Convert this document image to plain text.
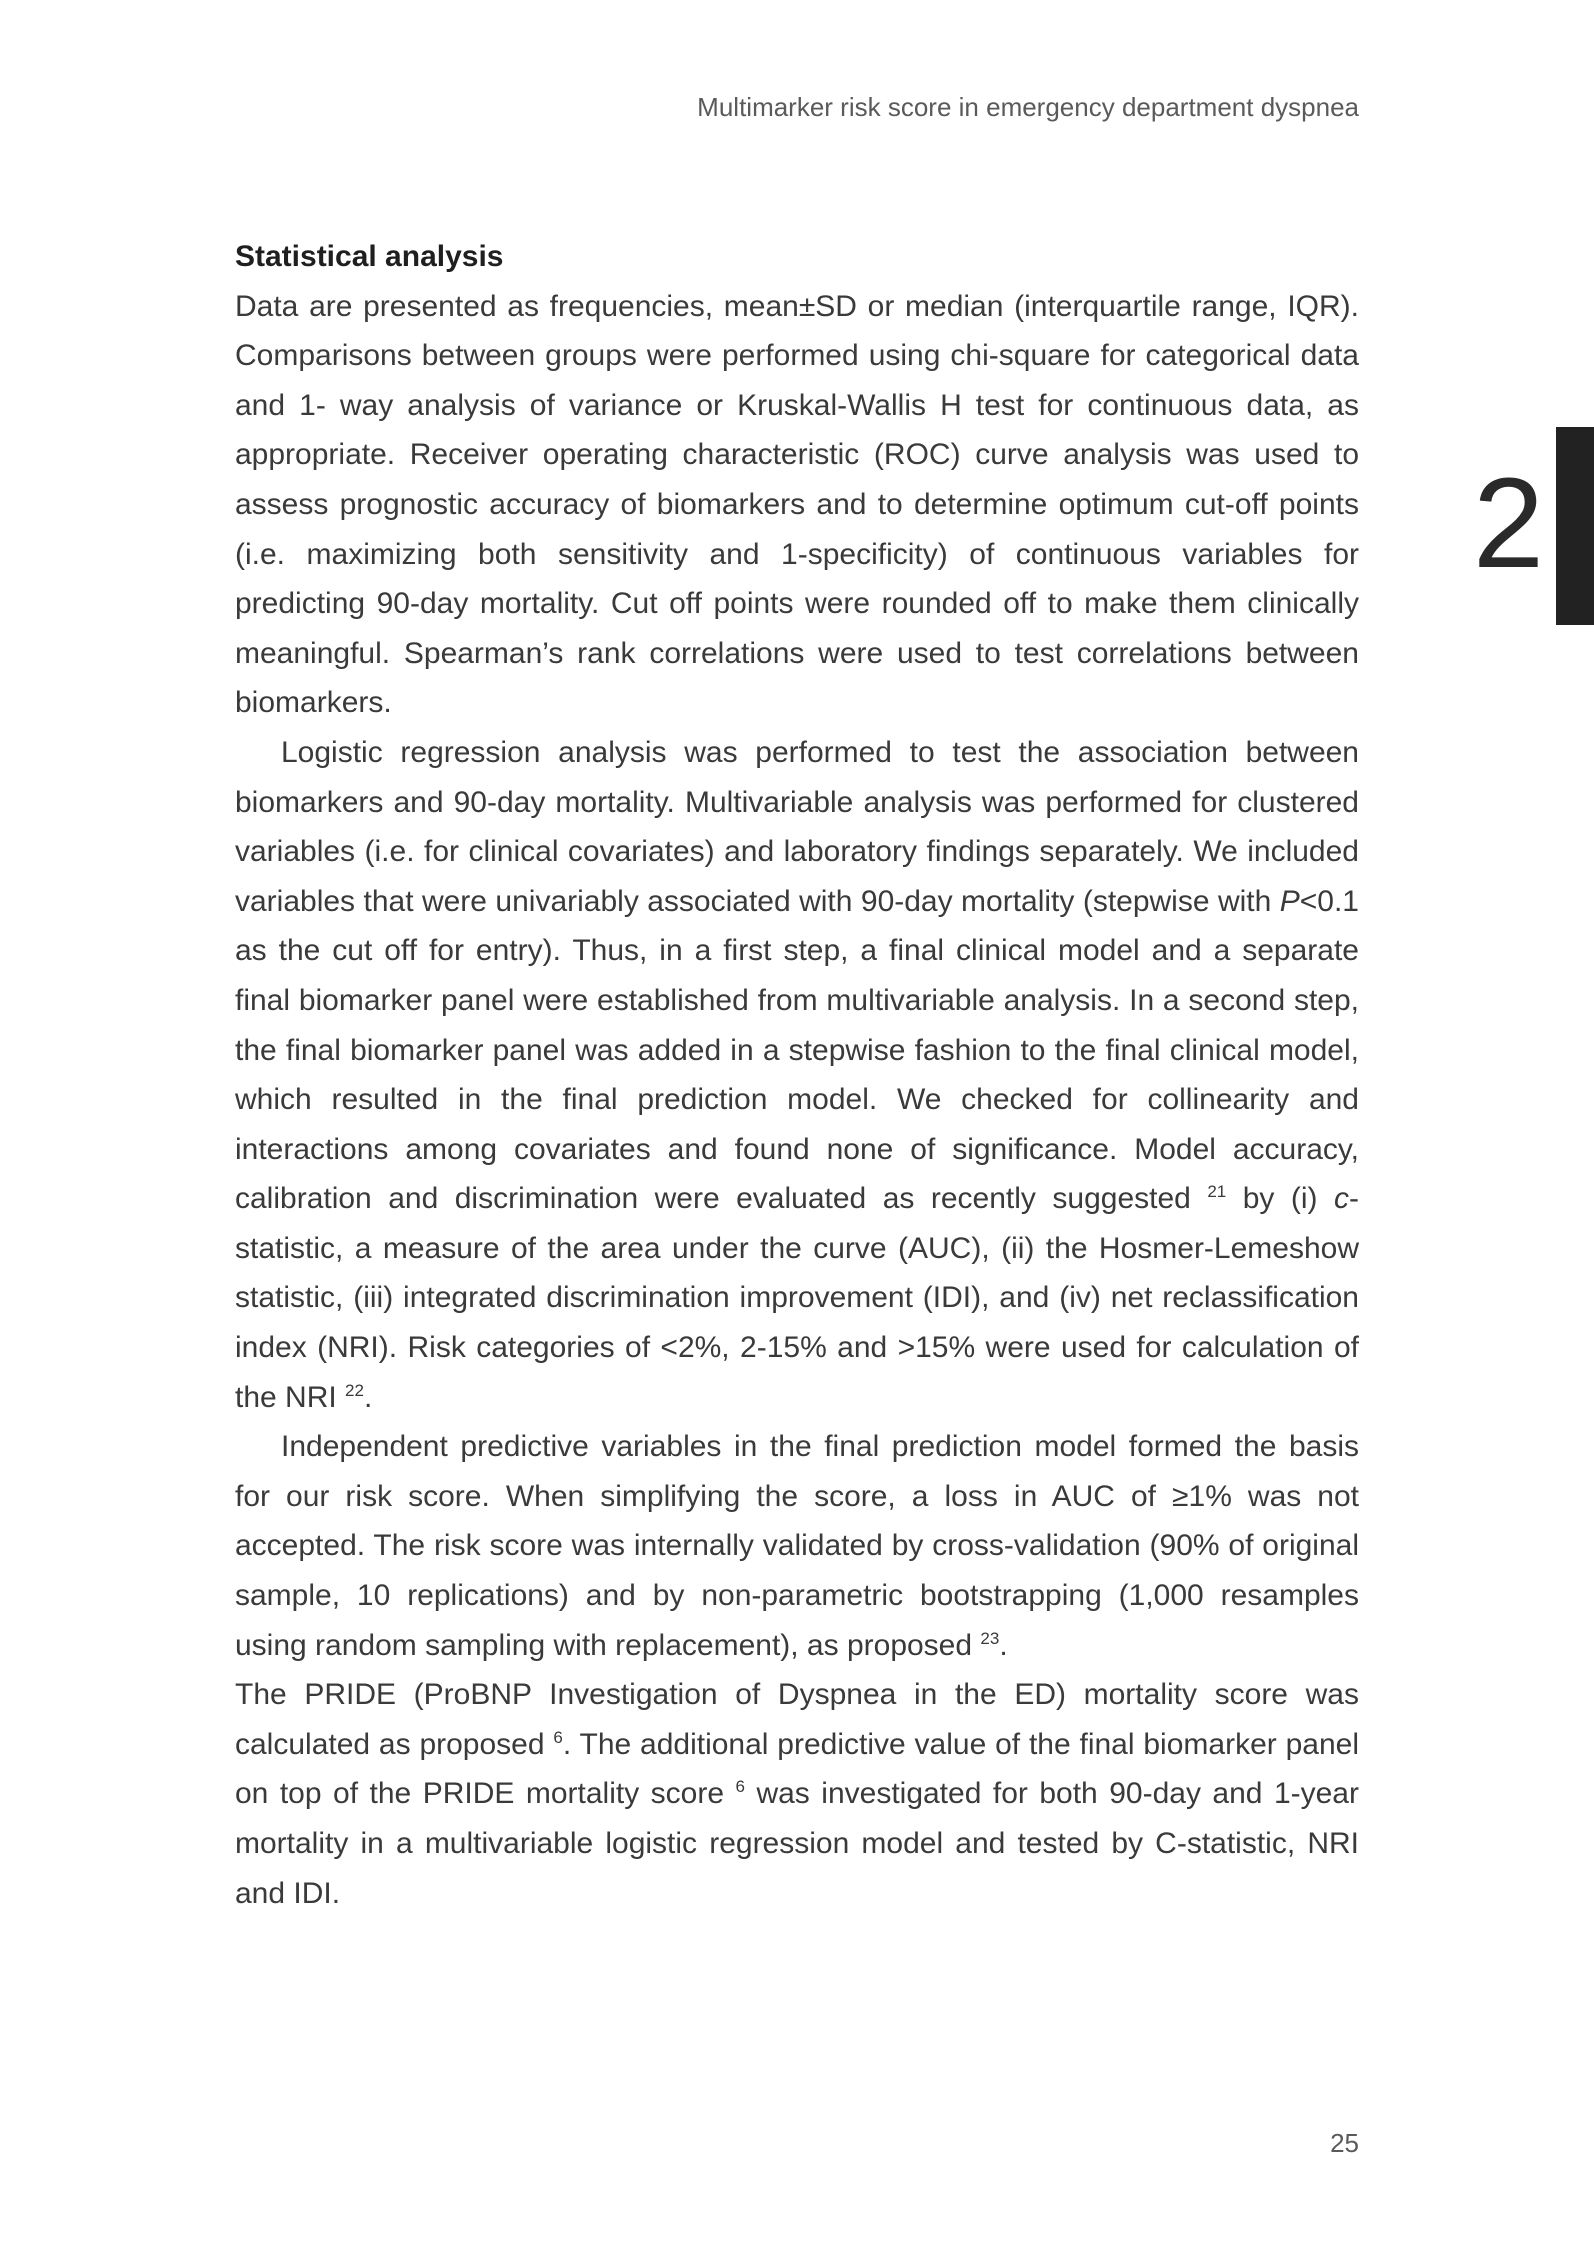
Multimarker risk score in emergency department dyspnea
2

Statistical analysis

Data are presented as frequencies, mean±SD or median (interquartile range, IQR). Comparisons between groups were performed using chi-square for categorical data and 1- way analysis of variance or Kruskal-Wallis H test for continuous data, as appropriate. Receiver operating characteristic (ROC) curve analysis was used to assess prognostic accuracy of biomarkers and to determine optimum cut-off points (i.e. maximizing both sensitivity and 1-specificity) of continuous variables for predicting 90-day mortality. Cut off points were rounded off to make them clinically meaningful. Spearman’s rank correlations were used to test correlations between biomarkers.

Logistic regression analysis was performed to test the association between biomarkers and 90-day mortality. Multivariable analysis was performed for clustered variables (i.e. for clinical covariates) and laboratory findings separately. We included variables that were univariably associated with 90-day mortality (stepwise with P<0.1 as the cut off for entry). Thus, in a first step, a final clinical model and a separate final biomarker panel were established from multivariable analysis. In a second step, the final biomarker panel was added in a stepwise fashion to the final clinical model, which resulted in the final prediction model. We checked for collinearity and interactions among covariates and found none of significance. Model accuracy, calibration and discrimination were evaluated as recently suggested $^{21}$ by (i) c-statistic, a measure of the area under the curve (AUC), (ii) the Hosmer-Lemeshow statistic, (iii) integrated discrimination improvement (IDI), and (iv) net reclassification index (NRI). Risk categories of <2%, 2-15% and >15% were used for calculation of the NRI $^{22}$.

Independent predictive variables in the final prediction model formed the basis for our risk score. When simplifying the score, a loss in AUC of ≥1% was not accepted. The risk score was internally validated by cross-validation (90% of original sample, 10 replications) and by non-parametric bootstrapping (1,000 resamples using random sampling with replacement), as proposed $^{23}$.

The PRIDE (ProBNP Investigation of Dyspnea in the ED) mortality score was calculated as proposed $^6$. The additional predictive value of the final biomarker panel on top of the PRIDE mortality score $^6$ was investigated for both 90-day and 1-year mortality in a multivariable logistic regression model and tested by C-statistic, NRI and IDI.

25
